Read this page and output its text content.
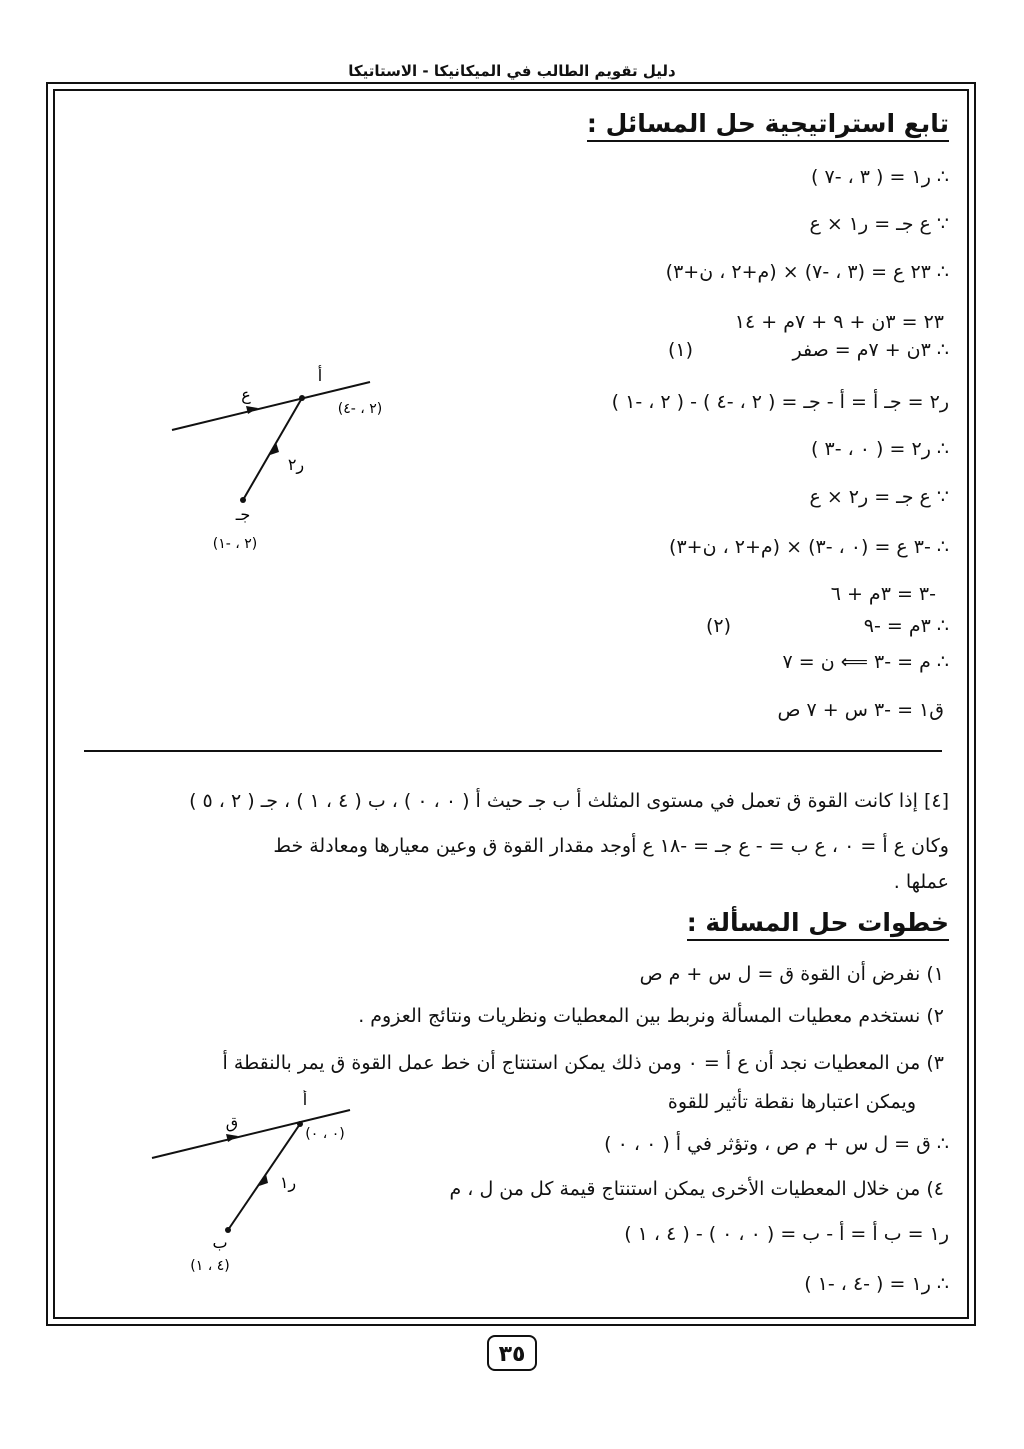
دليل تقويم الطالب في الميكانيكا - الاستاتيكا
تابع استراتيجية حل المسائل :
∴ ر١ = ( ٣ ، -٧ )
∵ ع جـ = ر١ × ع
∴ ٢٣ ع = (٣ ، -٧) × (م+٢ ، ن+٣)
٢٣ = ٣ن + ٩ + ٧م + ١٤
∴ ٣ن + ٧م = صفر
(١)
ر٢ = جـ أ = أ - جـ = ( ٢ ، -٤ ) - ( ٢ ، -١ )
∴ ر٢ = ( ٠ ، -٣ )
∵ ع جـ = ر٢ × ع
∴ -٣ ع = (٠ ، -٣) × (م+٢ ، ن+٣)
-٣ = ٣م + ٦
∴ ٣م = -٩
(٢)
∴ م = -٣ ⟸ ن = ٧
ق١ = -٣ س + ٧ ص
أ
(٢ ، -٤)
جـ
(٢ ، -١)
ع
ر٢
[٤] إذا كانت القوة ق تعمل في مستوى المثلث أ ب جـ حيث أ ( ٠ ، ٠ ) ، ب ( ٤ ، ١ ) ، جـ ( ٢ ، ٥ )
وكان ع أ = ٠ ، ع ب = - ع جـ = -١٨ ع أوجد مقدار القوة ق وعين معيارها ومعادلة خط
عملها .
خطوات حل المسألة :
١) نفرض أن القوة ق = ل س + م ص
٢) نستخدم معطيات المسألة ونربط بين المعطيات ونظريات ونتائج العزوم .
٣) من المعطيات نجد أن ع أ = ٠ ومن ذلك يمكن استنتاج أن خط عمل القوة ق يمر بالنقطة أ
ويمكن اعتبارها نقطة تأثير للقوة
∴ ق = ل س + م ص ، وتؤثر في أ ( ٠ ، ٠ )
٤) من خلال المعطيات الأخرى يمكن استنتاج قيمة كل من ل ، م
ر١ = ب أ = أ - ب = ( ٠ ، ٠ ) - ( ٤ ، ١ )
∴ ر١ = ( -٤ ، -١ )
أ
(٠ ، ٠)
ب
(٤ ، ١)
ق
ر١
٣٥
